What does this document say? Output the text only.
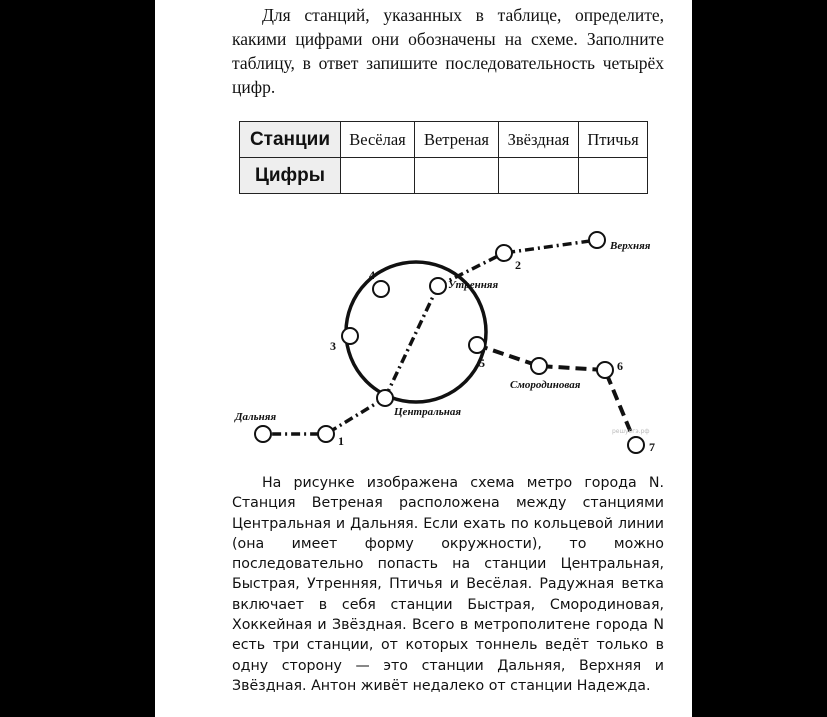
Для станций, указанных в таблице, определите, какими цифрами они обозначены на схеме. Заполните таблицу, в ответ запишите последовательность четырёх цифр.

Станции	Весёлая	Ветреная	Звёздная	Птичья
Цифры				
Верхняя
Утренняя
Центральная
Дальняя
Смородиновая
1
2
3
4
5	6
7
решуегэ.рф

На рисунке изображена схема метро города N. Станция Ветреная расположена между станциями Центральная и Дальняя. Если ехать по кольцевой линии (она имеет форму окружности), то можно последовательно попасть на станции Центральная, Быстрая, Утренняя, Птичья и Весёлая. Радужная ветка включает в себя станции Быстрая, Смородиновая, Хоккейная и Звёздная. Всего в метрополитене города N есть три станции, от которых тоннель ведёт только в одну сторону — это станции Дальняя, Верхняя и Звёздная. Антон живёт недалеко от станции Надежда.
